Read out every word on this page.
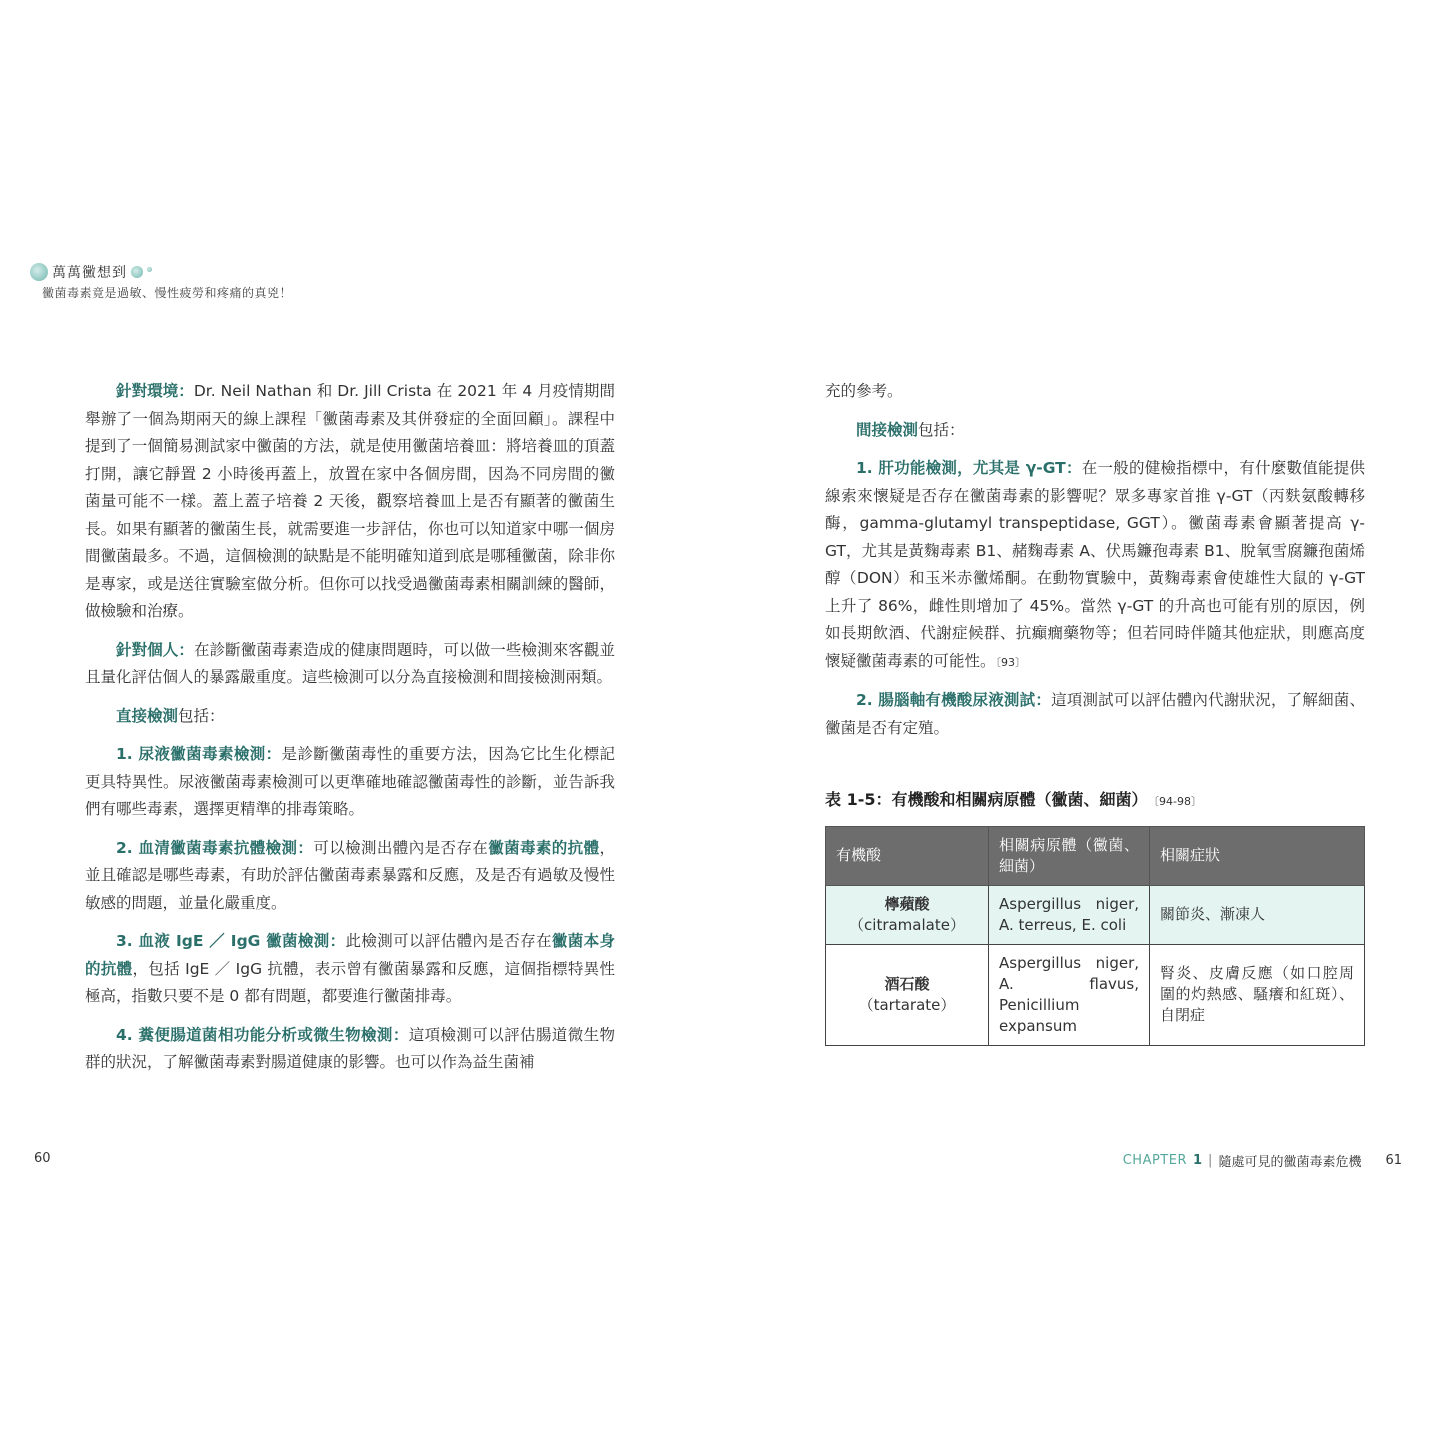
萬萬黴想到
黴菌毒素竟是過敏、慢性疲勞和疼痛的真兇！

針對環境：Dr. Neil Nathan 和 Dr. Jill Crista 在 2021 年 4 月疫情期間舉辦了一個為期兩天的線上課程「黴菌毒素及其併發症的全面回顧」。課程中提到了一個簡易測試家中黴菌的方法，就是使用黴菌培養皿：將培養皿的頂蓋打開，讓它靜置 2 小時後再蓋上，放置在家中各個房間，因為不同房間的黴菌量可能不一樣。蓋上蓋子培養 2 天後，觀察培養皿上是否有顯著的黴菌生長。如果有顯著的黴菌生長，就需要進一步評估，你也可以知道家中哪一個房間黴菌最多。不過，這個檢測的缺點是不能明確知道到底是哪種黴菌，除非你是專家，或是送往實驗室做分析。但你可以找受過黴菌毒素相關訓練的醫師，做檢驗和治療。

針對個人：在診斷黴菌毒素造成的健康問題時，可以做一些檢測來客觀並且量化評估個人的暴露嚴重度。這些檢測可以分為直接檢測和間接檢測兩類。

直接檢測包括：

1. 尿液黴菌毒素檢測：是診斷黴菌毒性的重要方法，因為它比生化標記更具特異性。尿液黴菌毒素檢測可以更準確地確認黴菌毒性的診斷，並告訴我們有哪些毒素，選擇更精準的排毒策略。

2. 血清黴菌毒素抗體檢測：可以檢測出體內是否存在黴菌毒素的抗體，並且確認是哪些毒素，有助於評估黴菌毒素暴露和反應，及是否有過敏及慢性敏感的問題，並量化嚴重度。

3. 血液 IgE ／ IgG 黴菌檢測：此檢測可以評估體內是否存在黴菌本身的抗體，包括 IgE ／ IgG 抗體，表示曾有黴菌暴露和反應，這個指標特異性極高，指數只要不是 0 都有問題，都要進行黴菌排毒。

4. 糞便腸道菌相功能分析或微生物檢測：這項檢測可以評估腸道微生物群的狀況，了解黴菌毒素對腸道健康的影響。也可以作為益生菌補

充的參考。

間接檢測包括：

1. 肝功能檢測，尤其是 γ-GT：在一般的健檢指標中，有什麼數值能提供線索來懷疑是否存在黴菌毒素的影響呢？眾多專家首推 γ-GT（丙麩氨酸轉移酶，gamma-glutamyl transpeptidase, GGT）。黴菌毒素會顯著提高 γ-GT，尤其是黃麴毒素 B1、赭麴毒素 A、伏馬鐮孢毒素 B1、脫氧雪腐鐮孢菌烯醇（DON）和玉米赤黴烯酮。在動物實驗中，黃麴毒素會使雄性大鼠的 γ-GT 上升了 86%，雌性則增加了 45%。當然 γ-GT 的升高也可能有別的原因，例如長期飲酒、代謝症候群、抗癲癇藥物等；但若同時伴隨其他症狀，則應高度懷疑黴菌毒素的可能性。〔93〕

2. 腸腦軸有機酸尿液測試：這項測試可以評估體內代謝狀況，了解細菌、黴菌是否有定殖。

表 1-5：有機酸和相關病原體（黴菌、細菌） 〔94-98〕
有機酸	相關病原體（黴菌、細菌）	相關症狀

檸蘋酸
（citramalate）	Aspergillus niger, A. terreus, E. coli	關節炎、漸凍人

酒石酸
（tartarate）	Aspergillus niger, A. flavus, Penicillium expansum	腎炎、皮膚反應（如口腔周圍的灼熱感、騷癢和紅斑）、自閉症
60	CHAPTER 1 | 隨處可見的黴菌毒素危機 61
